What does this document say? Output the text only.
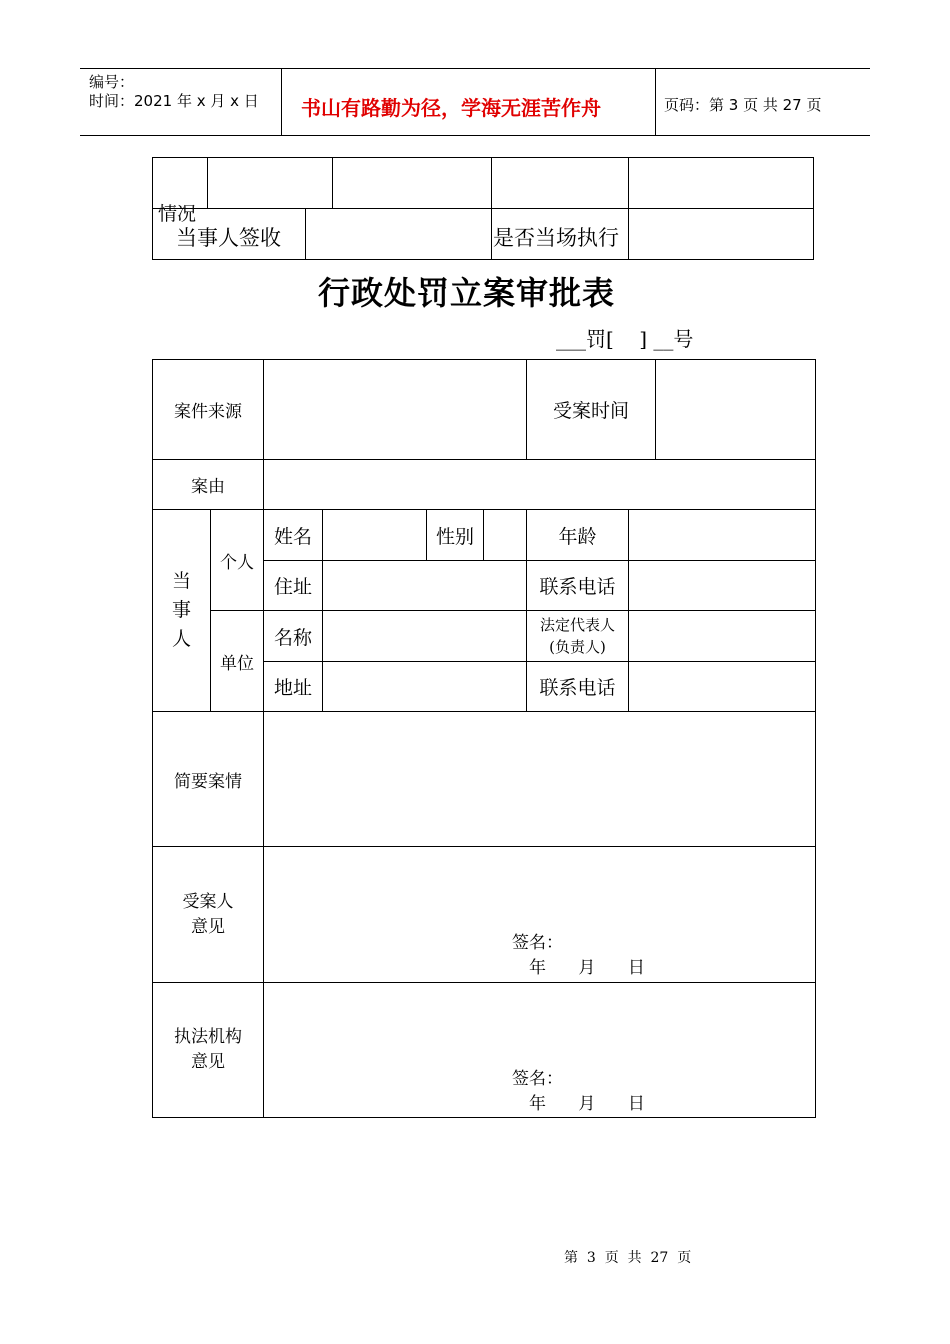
编号：
时间：2021 年 x 月 x 日 书山有路勤为径，学海无涯苦作舟	页码：第 3 页 共 27 页
情况
当事人签收	是否当场执行
行政处罚立案审批表
___罚[    ] __号
案件来源						受案时间		
案由								
当
事
人	个人	姓名		性别		年龄		
		住址				联系电话		
	单位	名称				法定代表人
(负责人)		
		地址				联系电话		
简要案情								
受案人
意见		签名：
年      月      日						

执法机构
意见		签名：
年      月      日						
第  3  页  共  27  页
